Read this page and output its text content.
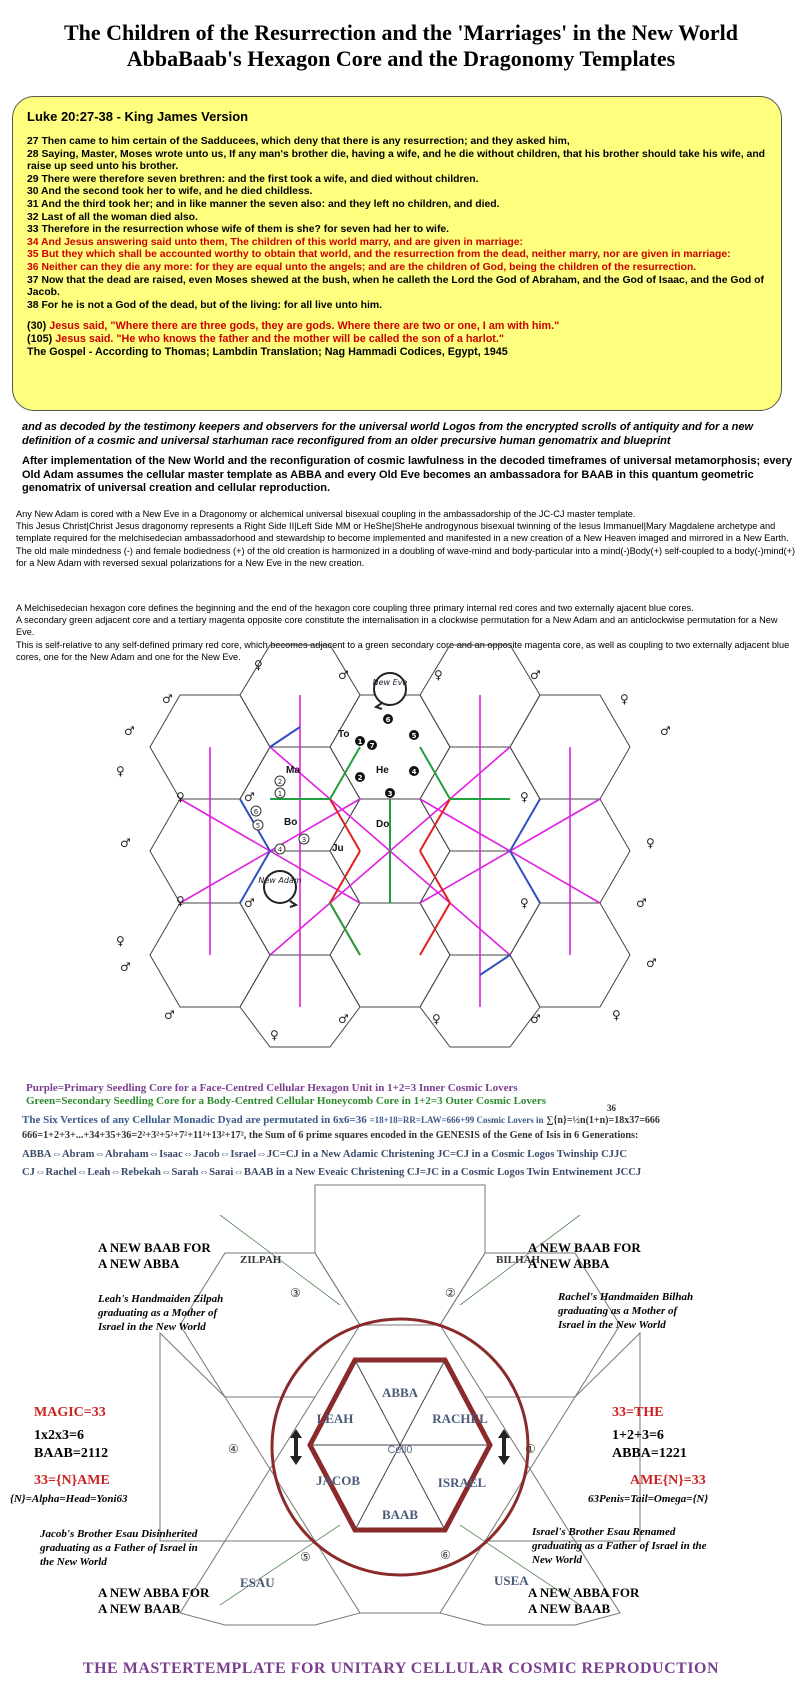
The Children of the Resurrection and the 'Marriages' in the New World
AbbaBaab's Hexagon Core and the Dragonomy Templates
Luke 20:27-38 - King James Version
27 Then came to him certain of the Sadducees, which deny that there is any resurrection; and they asked him,
28 Saying, Master, Moses wrote unto us, If any man's brother die, having a wife, and he die without children, that his brother should take his wife, and raise up seed unto his brother.
29 There were therefore seven brethren: and the first took a wife, and died without children.
30 And the second took her to wife, and he died childless.
31 And the third took her; and in like manner the seven also: and they left no children, and died.
32 Last of all the woman died also.
33 Therefore in the resurrection whose wife of them is she? for seven had her to wife.
34 And Jesus answering said unto them, The children of this world marry, and are given in marriage:
35 But they which shall be accounted worthy to obtain that world, and the resurrection from the dead, neither marry, nor are given in marriage:
36 Neither can they die any more: for they are equal unto the angels; and are the children of God, being the children of the resurrection.
37 Now that the dead are raised, even Moses shewed at the bush, when he calleth the Lord the God of Abraham, and the God of Isaac, and the God of Jacob.
38 For he is not a God of the dead, but of the living: for all live unto him.
(30) Jesus said, "Where there are three gods, they are gods. Where there are two or one, I am with him."
(105) Jesus said. "He who knows the father and the mother will be called the son of a harlot."
The Gospel - According to Thomas; Lambdin Translation; Nag Hammadi Codices, Egypt, 1945
and as decoded by the testimony keepers and observers for the universal world Logos from the encrypted scrolls of antiquity and for a new definition of a cosmic and universal starhuman race reconfigured from an older precursive human genomatrix and blueprint
After implementation of the New World and the reconfiguration of cosmic lawfulness in the decoded timeframes of universal metamorphosis; every Old Adam assumes the cellular master template as ABBA and every Old Eve becomes an ambassadora for BAAB in this quantum geometric genomatrix of universal creation and cellular reproduction.

Any New Adam is cored with a New Eve in a Dragonomy or alchemical universal bisexual coupling in the ambassadorship of the JC-CJ master template.

This Jesus Christ|Christ Jesus dragonomy represents a Right Side II|Left Side MM or HeShe|SheHe androgynous bisexual twinning of the Iesus Immanuel|Mary Magdalene archetype and template required for the melchisedecian ambassadorhood and stewardship to become implemented and manifested in a new creation of a New Heaven imaged and mirrored in a New Earth.

The old male mindedness (-) and female bodiedness (+) of the old creation is harmonized in a doubling of wave-mind and body-particular into a mind(-)Body(+) self-coupled to a body(-)mind(+) for a New Adam with reversed sexual polarizations for a New Eve in the new creation.

A Melchisedecian hexagon core defines the beginning and the end of the hexagon core coupling three primary internal red cores and two externally ajacent blue cores.

A secondary green adjacent core and a tertiary magenta opposite core constitute the internalisation in a clockwise permutation for a New Adam and an anticlockwise permutation for a New Eve.

This is self-relative to any self-defined primary red core, which becomes adjacent to a green secondary core and an opposite magenta core, as well as coupling to two externally adjacent blue cores, one for the New Adam and one for the New Eve.

♂
♀
♂
♀
♂	♀	♂
♀
♂
♀	♂	♀
♂	♀
♀	♂	♀	♂
♂
♀
♂
♂
♀
♂	♀	♂	♀
New Eve
New Adam
To
He
Ma
Bo	Do
Ju
6
1 7
5
2
4
3
1
2
3
4
5
6
Purple=Primary Seedling Core for a Face-Centred Cellular Hexagon Unit in 1+2=3 Inner Cosmic Lovers
Green=Secondary Seedling Core for a Body-Centred Cellular Honeycomb Core in 1+2=3 Outer Cosmic Lovers
The Six Vertices of any Cellular Monadic Dyad are permutated in 6x6=36 =18+18=RR=LAW=666+99 Cosmic Lovers in
36
∑{n}=½n(1+n)=18x37=666
666=1+2+3+...+34+35+36=2²+3²+5²+7²+11²+13²+17², the Sum of 6 prime squares encoded in the GENESIS of the Gene of Isis in 6 Generations:
ABBA⇔Abram⇔Abraham⇔Isaac⇔Jacob⇔Israel⇔JC=CJ in a New Adamic Christening JC=CJ in a Cosmic Logos Twinship CJJC
CJ⇔Rachel⇔Leah⇔Rebekah⇔Sarah⇔Sarai⇔BAAB in a New Eveaic Christening CJ=JC in a Cosmic Logos Twin Entwinement JCCJ
ABBA
BAAB
LEAH	RACHEL
JACOB	ISRAEL
Cell0
ZILPAH	BILHAH
ESAU	USEA
①
②
③
④
⑤	⑥
A NEW BAAB FOR
A NEW ABBA
A NEW BAAB FOR
A NEW ABBA
A NEW ABBA FOR
A NEW BAAB
A NEW ABBA FOR
A NEW BAAB
Leah's Handmaiden Zilpah graduating as a Mother of Israel in the New World
Rachel's Handmaiden Bilhah graduating as a Mother of Israel in the New World
Jacob's Brother Esau Disinherited graduating as a Father of Israel in the New World
Israel's Brother Esau Renamed graduating as a Father of Israel in the New World
MAGIC=33
1x2x3=6
BAAB=2112
33={N}AME
{N}=Alpha=Head=Yoni63
33=THE
1+2+3=6
ABBA=1221
AME{N}=33
63Penis=Tail=Omega={N}
THE MASTERTEMPLATE FOR UNITARY CELLULAR COSMIC REPRODUCTION
